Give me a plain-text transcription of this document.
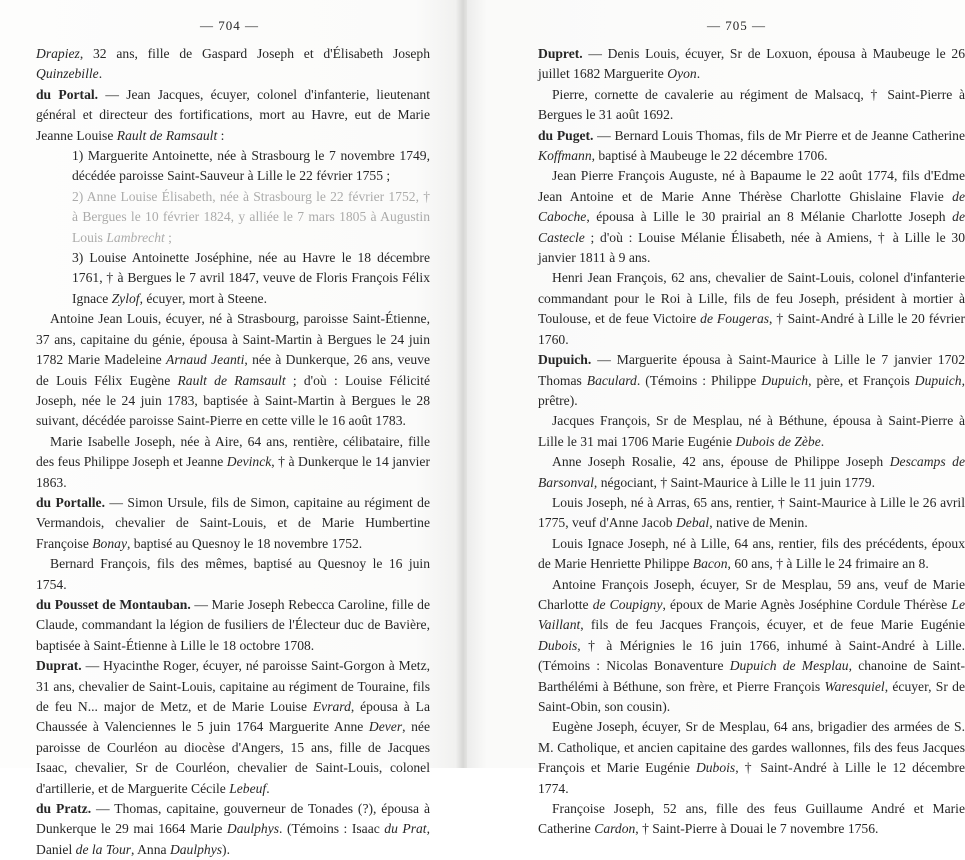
— 704 —

Drapiez, 32 ans, fille de Gaspard Joseph et d'Élisabeth Joseph Quinzebille.

du Portal. — Jean Jacques, écuyer, colonel d'infanterie, lieutenant général et directeur des fortifications, mort au Havre, eut de Marie Jeanne Louise Rault de Ramsault :

1) Marguerite Antoinette, née à Strasbourg le 7 novembre 1749, décédée paroisse Saint-Sauveur à Lille le 22 février 1755 ;

2) Anne Louise Élisabeth, née à Strasbourg le 22 février 1752, † à Bergues le 10 février 1824, y alliée le 7 mars 1805 à Augustin Louis Lambrecht ;

3) Louise Antoinette Joséphine, née au Havre le 18 décembre 1761, † à Bergues le 7 avril 1847, veuve de Floris François Félix Ignace Zylof, écuyer, mort à Steene.

Antoine Jean Louis, écuyer, né à Strasbourg, paroisse Saint-Étienne, 37 ans, capitaine du génie, épousa à Saint-Martin à Bergues le 24 juin 1782 Marie Madeleine Arnaud Jeanti, née à Dunkerque, 26 ans, veuve de Louis Félix Eugène Rault de Ramsault ; d'où : Louise Félicité Joseph, née le 24 juin 1783, baptisée à Saint-Martin à Bergues le 28 suivant, décédée paroisse Saint-Pierre en cette ville le 16 août 1783.

Marie Isabelle Joseph, née à Aire, 64 ans, rentière, célibataire, fille des feus Philippe Joseph et Jeanne Devinck, † à Dunkerque le 14 janvier 1863.

du Portalle. — Simon Ursule, fils de Simon, capitaine au régiment de Vermandois, chevalier de Saint-Louis, et de Marie Humbertine Françoise Bonay, baptisé au Quesnoy le 18 novembre 1752.

Bernard François, fils des mêmes, baptisé au Quesnoy le 16 juin 1754.

du Pousset de Montauban. — Marie Joseph Rebecca Caroline, fille de Claude, commandant la légion de fusiliers de l'Électeur duc de Bavière, baptisée à Saint-Étienne à Lille le 18 octobre 1708.

Duprat. — Hyacinthe Roger, écuyer, né paroisse Saint-Gorgon à Metz, 31 ans, chevalier de Saint-Louis, capitaine au régiment de Touraine, fils de feu N... major de Metz, et de Marie Louise Evrard, épousa à La Chaussée à Valenciennes le 5 juin 1764 Marguerite Anne Dever, née paroisse de Courléon au diocèse d'Angers, 15 ans, fille de Jacques Isaac, chevalier, Sr de Courléon, chevalier de Saint-Louis, colonel d'artillerie, et de Marguerite Cécile Lebeuf.

du Pratz. — Thomas, capitaine, gouverneur de Tonades (?), épousa à Dunkerque le 29 mai 1664 Marie Daulphys. (Témoins : Isaac du Prat, Daniel de la Tour, Anna Daulphys).

— 705 —

Dupret. — Denis Louis, écuyer, Sr de Loxuon, épousa à Maubeuge le 26 juillet 1682 Marguerite Oyon.

Pierre, cornette de cavalerie au régiment de Malsacq, † Saint-Pierre à Bergues le 31 août 1692.

du Puget. — Bernard Louis Thomas, fils de Mr Pierre et de Jeanne Catherine Koffmann, baptisé à Maubeuge le 22 décembre 1706.

Jean Pierre François Auguste, né à Bapaume le 22 août 1774, fils d'Edme Jean Antoine et de Marie Anne Thérèse Charlotte Ghislaine Flavie de Caboche, épousa à Lille le 30 prairial an 8 Mélanie Charlotte Joseph de Castecle ; d'où : Louise Mélanie Élisabeth, née à Amiens, † à Lille le 30 janvier 1811 à 9 ans.

Henri Jean François, 62 ans, chevalier de Saint-Louis, colonel d'infanterie commandant pour le Roi à Lille, fils de feu Joseph, président à mortier à Toulouse, et de feue Victoire de Fougeras, † Saint-André à Lille le 20 février 1760.

Dupuich. — Marguerite épousa à Saint-Maurice à Lille le 7 janvier 1702 Thomas Baculard. (Témoins : Philippe Dupuich, père, et François Dupuich, prêtre).

Jacques François, Sr de Mesplau, né à Béthune, épousa à Saint-Pierre à Lille le 31 mai 1706 Marie Eugénie Dubois de Zèbe.

Anne Joseph Rosalie, 42 ans, épouse de Philippe Joseph Descamps de Barsonval, négociant, † Saint-Maurice à Lille le 11 juin 1779.

Louis Joseph, né à Arras, 65 ans, rentier, † Saint-Maurice à Lille le 26 avril 1775, veuf d'Anne Jacob Debal, native de Menin.

Louis Ignace Joseph, né à Lille, 64 ans, rentier, fils des précédents, époux de Marie Henriette Philippe Bacon, 60 ans, † à Lille le 24 frimaire an 8.

Antoine François Joseph, écuyer, Sr de Mesplau, 59 ans, veuf de Marie Charlotte de Coupigny, époux de Marie Agnès Joséphine Cordule Thérèse Le Vaillant, fils de feu Jacques François, écuyer, et de feue Marie Eugénie Dubois, † à Mérignies le 16 juin 1766, inhumé à Saint-André à Lille. (Témoins : Nicolas Bonaventure Dupuich de Mesplau, chanoine de Saint-Barthélémi à Béthune, son frère, et Pierre François Waresquiel, écuyer, Sr de Saint-Obin, son cousin).

Eugène Joseph, écuyer, Sr de Mesplau, 64 ans, brigadier des armées de S. M. Catholique, et ancien capitaine des gardes wallonnes, fils des feus Jacques François et Marie Eugénie Dubois, † Saint-André à Lille le 12 décembre 1774.

Françoise Joseph, 52 ans, fille des feus Guillaume André et Marie Catherine Cardon, † Saint-Pierre à Douai le 7 novembre 1756.
